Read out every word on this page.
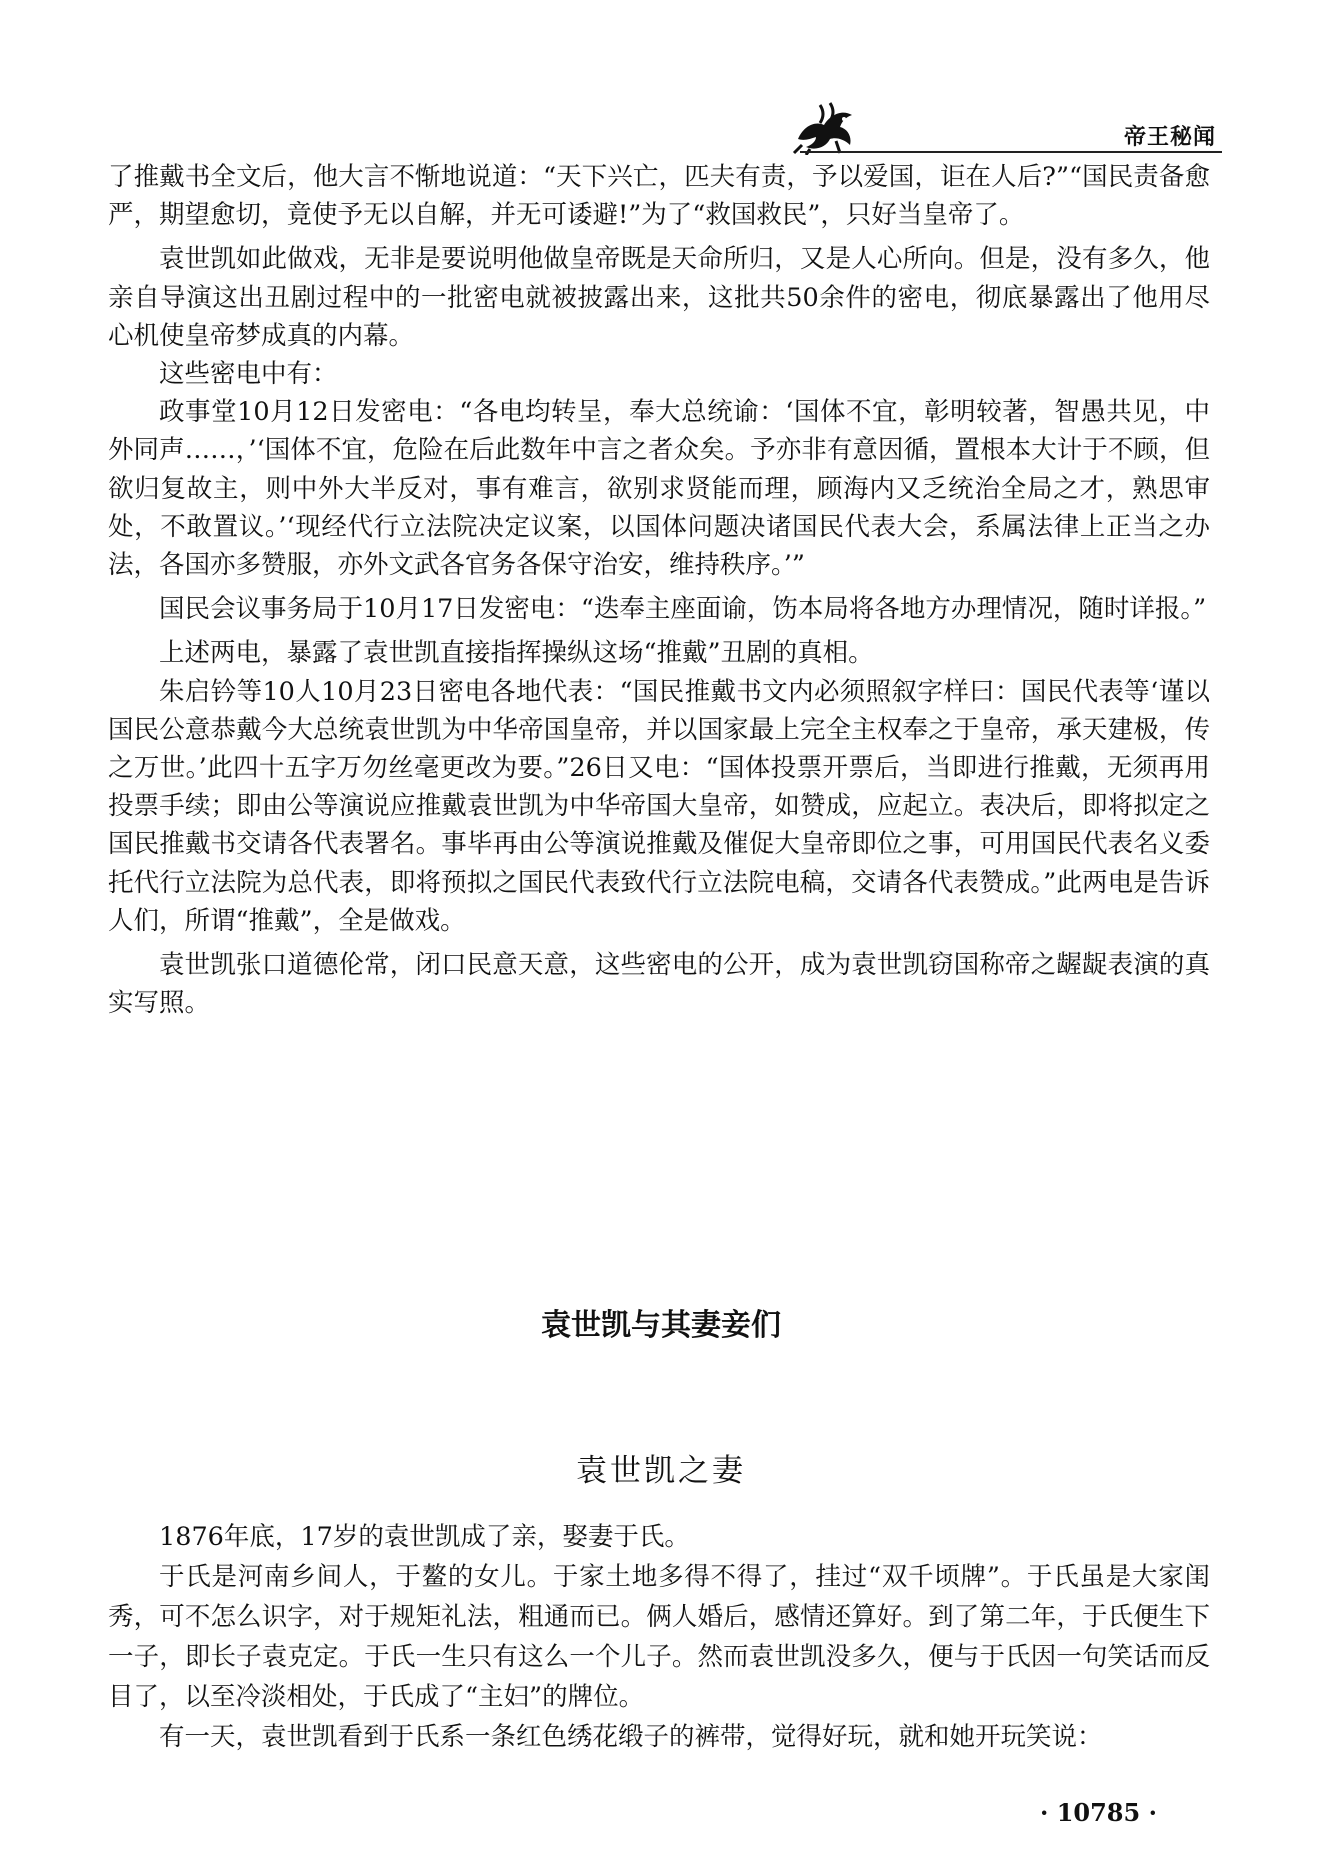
帝王秘闻

了推戴书全文后，他大言不惭地说道：“天下兴亡，匹夫有责，予以爱国，讵在人后?”“国民责备愈严，期望愈切，竟使予无以自解，并无可诿避!”为了“救国救民”，只好当皇帝了。

袁世凯如此做戏，无非是要说明他做皇帝既是天命所归，又是人心所向。但是，没有多久，他亲自导演这出丑剧过程中的一批密电就被披露出来，这批共50余件的密电，彻底暴露出了他用尽心机使皇帝梦成真的内幕。

这些密电中有：

政事堂10月12日发密电：“各电均转呈，奉大总统谕：‘国体不宜，彰明较著，智愚共见，中外同声……，’‘国体不宜，危险在后此数年中言之者众矣。予亦非有意因循，置根本大计于不顾，但欲归复故主，则中外大半反对，事有难言，欲别求贤能而理，顾海内又乏统治全局之才，熟思审处，不敢置议。’‘现经代行立法院决定议案，以国体问题决诸国民代表大会，系属法律上正当之办法，各国亦多赞服，亦外文武各官务各保守治安，维持秩序。’”

国民会议事务局于10月17日发密电：“迭奉主座面谕，饬本局将各地方办理情况，随时详报。”

上述两电，暴露了袁世凯直接指挥操纵这场“推戴”丑剧的真相。

朱启钤等10人10月23日密电各地代表：“国民推戴书文内必须照叙字样曰：国民代表等‘谨以国民公意恭戴今大总统袁世凯为中华帝国皇帝，并以国家最上完全主权奉之于皇帝，承天建极，传之万世。’此四十五字万勿丝毫更改为要。”26日又电：“国体投票开票后，当即进行推戴，无须再用投票手续；即由公等演说应推戴袁世凯为中华帝国大皇帝，如赞成，应起立。表决后，即将拟定之国民推戴书交请各代表署名。事毕再由公等演说推戴及催促大皇帝即位之事，可用国民代表名义委托代行立法院为总代表，即将预拟之国民代表致代行立法院电稿，交请各代表赞成。”此两电是告诉人们，所谓“推戴”，全是做戏。

袁世凯张口道德伦常，闭口民意天意，这些密电的公开，成为袁世凯窃国称帝之龌龊表演的真实写照。

袁世凯与其妻妾们
袁世凯之妻

1876年底，17岁的袁世凯成了亲，娶妻于氏。

于氏是河南乡间人，于鳌的女儿。于家土地多得不得了，挂过“双千顷牌”。于氏虽是大家闺秀，可不怎么识字，对于规矩礼法，粗通而已。俩人婚后，感情还算好。到了第二年，于氏便生下一子，即长子袁克定。于氏一生只有这么一个儿子。然而袁世凯没多久，便与于氏因一句笑话而反目了，以至冷淡相处，于氏成了“主妇”的牌位。

有一天，袁世凯看到于氏系一条红色绣花缎子的裤带，觉得好玩，就和她开玩笑说：

· 10785 ·
